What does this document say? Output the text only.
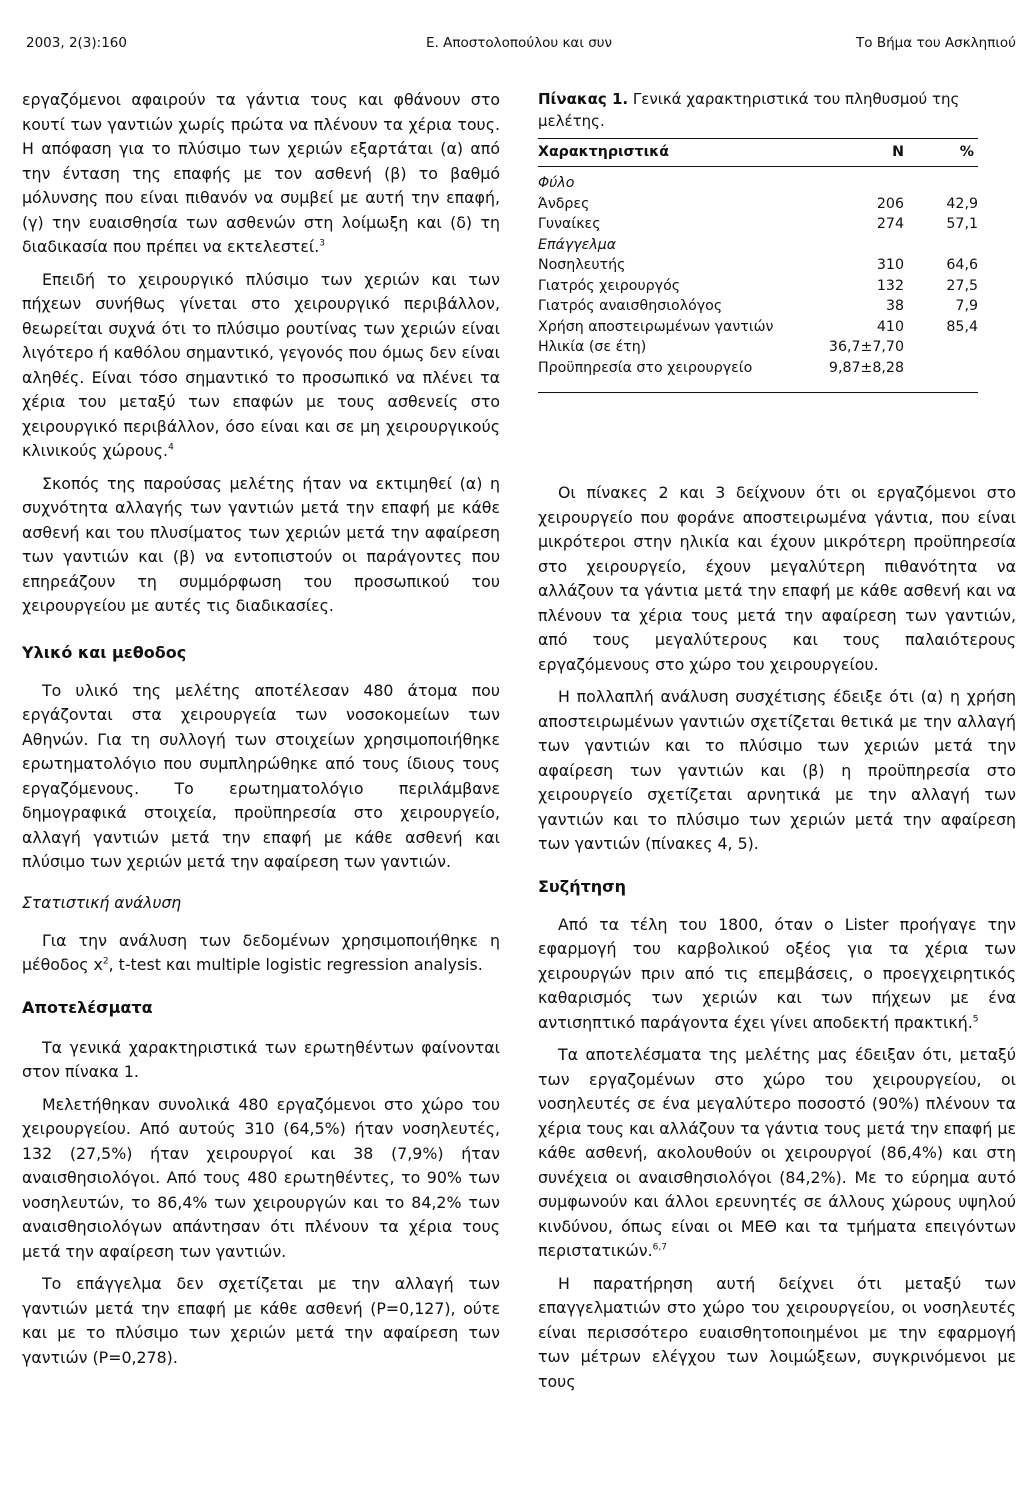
2003, 2(3):160	Ε. Αποστολοπούλου και συν	Το Βήμα του Ασκληπιού

εργαζόμενοι αφαιρούν τα γάντια τους και φθάνουν στο κουτί των γαντιών χωρίς πρώτα να πλένουν τα χέρια τους. Η απόφαση για το πλύσιμο των χεριών εξαρτάται (α) από την ένταση της επαφής με τον ασθενή (β) το βαθμό μόλυνσης που είναι πιθανόν να συμβεί με αυτή την επαφή, (γ) την ευαισθησία των ασθενών στη λοίμωξη και (δ) τη διαδικασία που πρέπει να εκτελεστεί.$^3$

Επειδή το χειρουργικό πλύσιμο των χεριών και των πήχεων συνήθως γίνεται στο χειρουργικό περιβάλλον, θεωρείται συχνά ότι το πλύσιμο ρουτίνας των χεριών είναι λιγότερο ή καθόλου σημαντικό, γεγονός που όμως δεν είναι αληθές. Είναι τόσο σημαντικό το προσωπικό να πλένει τα χέρια του μεταξύ των επαφών με τους ασθενείς στο χειρουργικό περιβάλλον, όσο είναι και σε μη χειρουργικούς κλινικούς χώρους.$^4$

Σκοπός της παρούσας μελέτης ήταν να εκτιμηθεί (α) η συχνότητα αλλαγής των γαντιών μετά την επαφή με κάθε ασθενή και του πλυσίματος των χεριών μετά την αφαίρεση των γαντιών και (β) να εντοπιστούν οι παράγοντες που επηρεάζουν τη συμμόρφωση του προσωπικού του χειρουργείου με αυτές τις διαδικασίες.

Υλικό και μεθοδος

Το υλικό της μελέτης αποτέλεσαν 480 άτομα που εργάζονται στα χειρουργεία των νοσοκομείων των Αθηνών. Για τη συλλογή των στοιχείων χρησιμοποιήθηκε ερωτηματολόγιο που συμπληρώθηκε από τους ίδιους τους εργαζόμενους. Το ερωτηματολόγιο περιλάμβανε δημογραφικά στοιχεία, προϋπηρεσία στο χειρουργείο, αλλαγή γαντιών μετά την επαφή με κάθε ασθενή και πλύσιμο των χεριών μετά την αφαίρεση των γαντιών.

Στατιστική ανάλυση

Για την ανάλυση των δεδομένων χρησιμοποιήθηκε η μέθοδος $x^2$, t-test και multiple logistic regression analysis.

Αποτελέσματα

Τα γενικά χαρακτηριστικά των ερωτηθέντων φαίνονται στον πίνακα 1.

Μελετήθηκαν συνολικά 480 εργαζόμενοι στο χώρο του χειρουργείου. Από αυτούς 310 (64,5%) ήταν νοσηλευτές, 132 (27,5%) ήταν χειρουργοί και 38 (7,9%) ήταν αναισθησιολόγοι. Από τους 480 ερωτηθέντες, το 90% των νοσηλευτών, το 86,4% των χειρουργών και το 84,2% των αναισθησιολόγων απάντησαν ότι πλένουν τα χέρια τους μετά την αφαίρεση των γαντιών.

Το επάγγελμα δεν σχετίζεται με την αλλαγή των γαντιών μετά την επαφή με κάθε ασθενή (P=0,127), ούτε και με το πλύσιμο των χεριών μετά την αφαίρεση των γαντιών (P=0,278).

Πίνακας 1. Γενικά χαρακτηριστικά του πληθυσμού της μελέτης.
Χαρακτηριστικά	N	%

Φύλο		
Άνδρες	206	42,9
Γυναίκες	274	57,1
Επάγγελμα		
Νοσηλευτής	310	64,6
Γιατρός χειρουργός	132	27,5
Γιατρός αναισθησιολόγος	38	7,9
Χρήση αποστειρωμένων γαντιών	410	85,4
Ηλικία (σε έτη)	36,7±7,70	
Προϋπηρεσία στο χειρουργείο	9,87±8,28	

Οι πίνακες 2 και 3 δείχνουν ότι οι εργαζόμενοι στο χειρουργείο που φοράνε αποστειρωμένα γάντια, που είναι μικρότεροι στην ηλικία και έχουν μικρότερη προϋπηρεσία στο χειρουργείο, έχουν μεγαλύτερη πιθανότητα να αλλάζουν τα γάντια μετά την επαφή με κάθε ασθενή και να πλένουν τα χέρια τους μετά την αφαίρεση των γαντιών, από τους μεγαλύτερους και τους παλαιότερους εργαζόμενους στο χώρο του χειρουργείου.

Η πολλαπλή ανάλυση συσχέτισης έδειξε ότι (α) η χρήση αποστειρωμένων γαντιών σχετίζεται θετικά με την αλλαγή των γαντιών και το πλύσιμο των χεριών μετά την αφαίρεση των γαντιών και (β) η προϋπηρεσία στο χειρουργείο σχετίζεται αρνητικά με την αλλαγή των γαντιών και το πλύσιμο των χεριών μετά την αφαίρεση των γαντιών (πίνακες 4, 5).

Συζήτηση

Από τα τέλη του 1800, όταν ο Lister προήγαγε την εφαρμογή του καρβολικού οξέος για τα χέρια των χειρουργών πριν από τις επεμβάσεις, ο προεγχειρητικός καθαρισμός των χεριών και των πήχεων με ένα αντισηπτικό παράγοντα έχει γίνει αποδεκτή πρακτική.$^5$

Τα αποτελέσματα της μελέτης μας έδειξαν ότι, μεταξύ των εργαζομένων στο χώρο του χειρουργείου, οι νοσηλευτές σε ένα μεγαλύτερο ποσοστό (90%) πλένουν τα χέρια τους και αλλάζουν τα γάντια τους μετά την επαφή με κάθε ασθενή, ακολουθούν οι χειρουργοί (86,4%) και στη συνέχεια οι αναισθησιολόγοι (84,2%). Με το εύρημα αυτό συμφωνούν και άλλοι ερευνητές σε άλλους χώρους υψηλού κινδύνου, όπως είναι οι ΜΕΘ και τα τμήματα επειγόντων περιστατικών.$^{6,7}$

Η παρατήρηση αυτή δείχνει ότι μεταξύ των επαγγελματιών στο χώρο του χειρουργείου, οι νοσηλευτές είναι περισσότερο ευαισθητοποιημένοι με την εφαρμογή των μέτρων ελέγχου των λοιμώξεων, συγκρινόμενοι με τους
